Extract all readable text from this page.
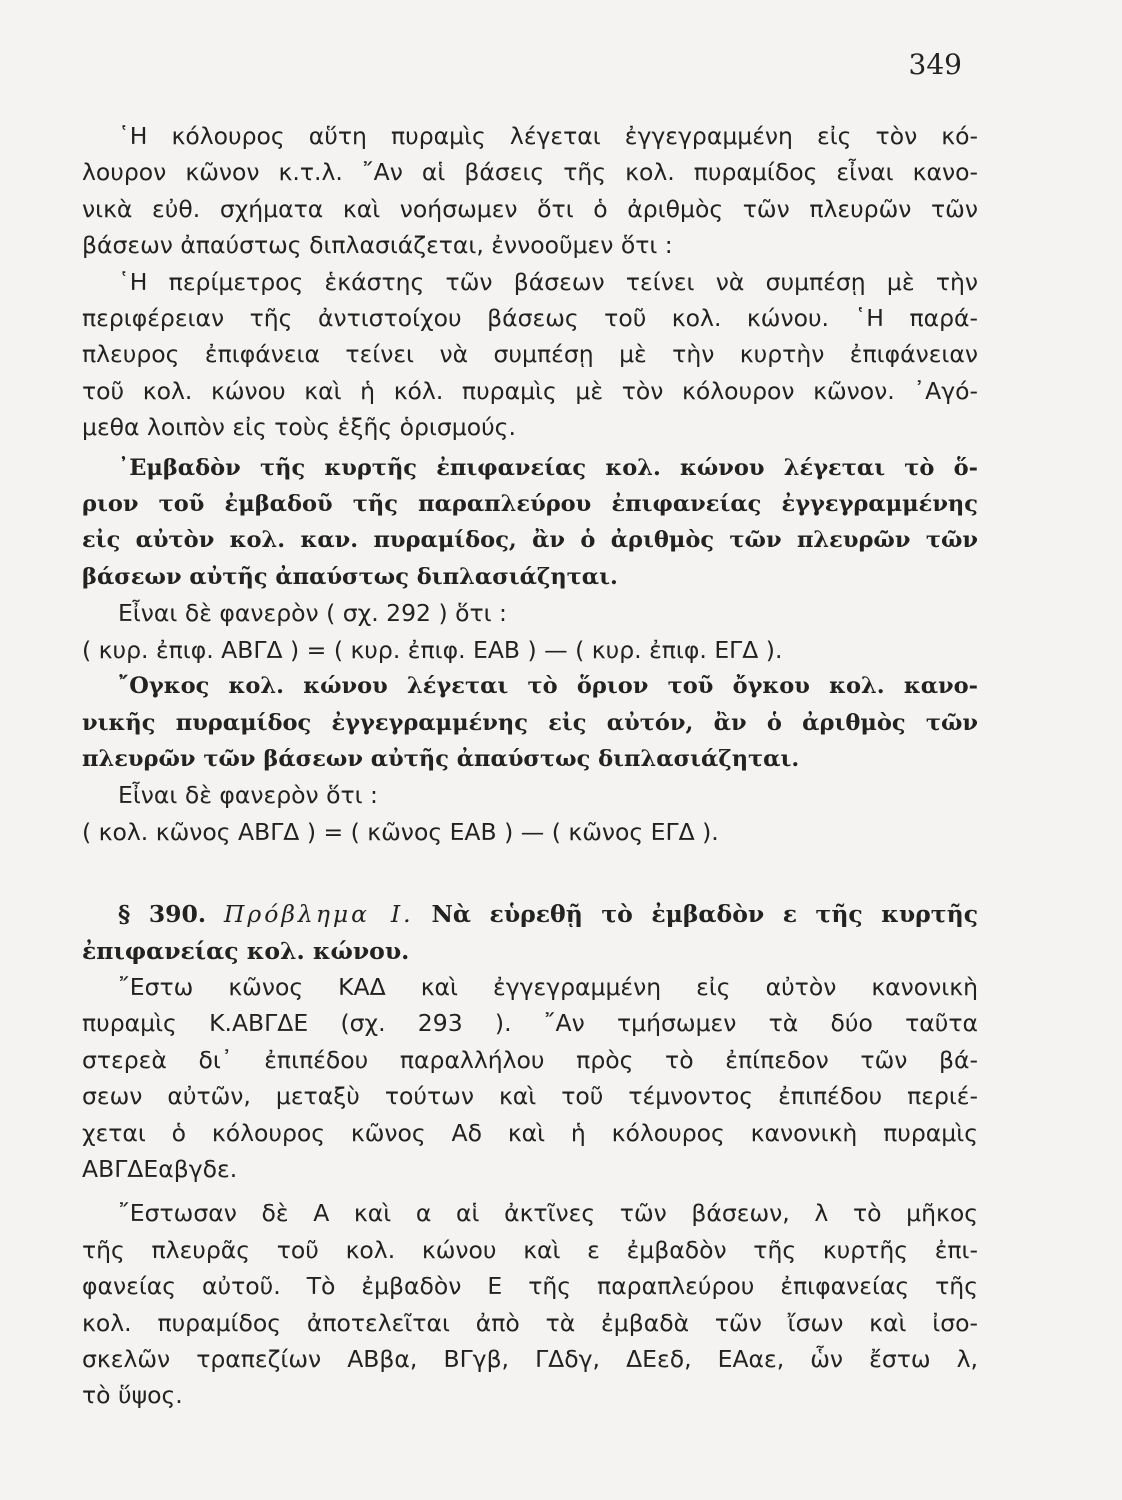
349
῾Η κόλουρος αὕτη πυραμὶς λέγεται ἐγγεγραμμένη εἰς τὸν κό-
λουρον κῶνον κ.τ.λ. ῎Αν αἱ βάσεις τῆς κολ. πυραμίδος εἶναι κανο-
νικὰ εὐθ. σχήματα καὶ νοήσωμεν ὅτι ὁ ἀριθμὸς τῶν πλευρῶν τῶν
βάσεων ἀπαύστως διπλασιάζεται, ἐννοοῦμεν ὅτι :
῾Η περίμετρος ἑκάστης τῶν βάσεων τείνει νὰ συμπέσῃ μὲ τὴν
περιφέρειαν τῆς ἀντιστοίχου βάσεως τοῦ κολ. κώνου. ῾Η παρά-
πλευρος ἐπιφάνεια τείνει νὰ συμπέσῃ μὲ τὴν κυρτὴν ἐπιφάνειαν
τοῦ κολ. κώνου καὶ ἡ κόλ. πυραμὶς μὲ τὸν κόλουρον κῶνον. ᾿Αγό-
μεθα λοιπὸν εἰς τοὺς ἑξῆς ὁρισμούς.
᾿Εμβαδὸν τῆς κυρτῆς ἐπιφανείας κολ. κώνου λέγεται τὸ ὅ-
ριον τοῦ ἐμβαδοῦ τῆς παραπλεύρου ἐπιφανείας ἐγγεγραμμένης
εἰς αὐτὸν κολ. καν. πυραμίδος, ἂν ὁ ἀριθμὸς τῶν πλευρῶν τῶν
βάσεων αὐτῆς ἀπαύστως διπλασιάζηται.
Εἶναι δὲ φανερὸν ( σχ. 292 ) ὅτι :
( κυρ. ἐπιφ. ΑΒΓΔ ) = ( κυρ. ἐπιφ. ΕΑΒ ) — ( κυρ. ἐπιφ. ΕΓΔ ).
῎Ογκος κολ. κώνου λέγεται τὸ ὅριον τοῦ ὄγκου κολ. κανο-
νικῆς πυραμίδος ἐγγεγραμμένης εἰς αὐτόν, ἂν ὁ ἀριθμὸς τῶν
πλευρῶν τῶν βάσεων αὐτῆς ἀπαύστως διπλασιάζηται.
Εἶναι δὲ φανερὸν ὅτι :
( κολ. κῶνος ΑΒΓΔ ) = ( κῶνος ΕΑΒ ) — ( κῶνος ΕΓΔ ).
§ 390. Πρόβλημα Ι. Νὰ εὑρεθῇ τὸ ἐμβαδὸν ε τῆς κυρτῆς
ἐπιφανείας κολ. κώνου.
῎Εστω κῶνος ΚΑΔ καὶ ἐγγεγραμμένη εἰς αὐτὸν κανονικὴ
πυραμὶς Κ.ΑΒΓΔΕ (σχ. 293 ). ῎Αν τμήσωμεν τὰ δύο ταῦτα
στερεὰ δι᾿ ἐπιπέδου παραλλήλου πρὸς τὸ ἐπίπεδον τῶν βά-
σεων αὐτῶν, μεταξὺ τούτων καὶ τοῦ τέμνοντος ἐπιπέδου περιέ-
χεται ὁ κόλουρος κῶνος Αδ καὶ ἡ κόλουρος κανονικὴ πυραμὶς
ΑΒΓΔΕαβγδε.
῎Εστωσαν δὲ Α καὶ α αἱ ἀκτῖνες τῶν βάσεων, λ τὸ μῆκος
τῆς πλευρᾶς τοῦ κολ. κώνου καὶ ε ἐμβαδὸν τῆς κυρτῆς ἐπι-
φανείας αὐτοῦ. Τὸ ἐμβαδὸν Ε τῆς παραπλεύρου ἐπιφανείας τῆς
κολ. πυραμίδος ἀποτελεῖται ἀπὸ τὰ ἐμβαδὰ τῶν ἴσων καὶ ἰσο-
σκελῶν τραπεζίων ΑΒβα, ΒΓγβ, ΓΔδγ, ΔΕεδ, ΕΑαε, ὧν ἔστω λ,
τὸ ὕψος.
